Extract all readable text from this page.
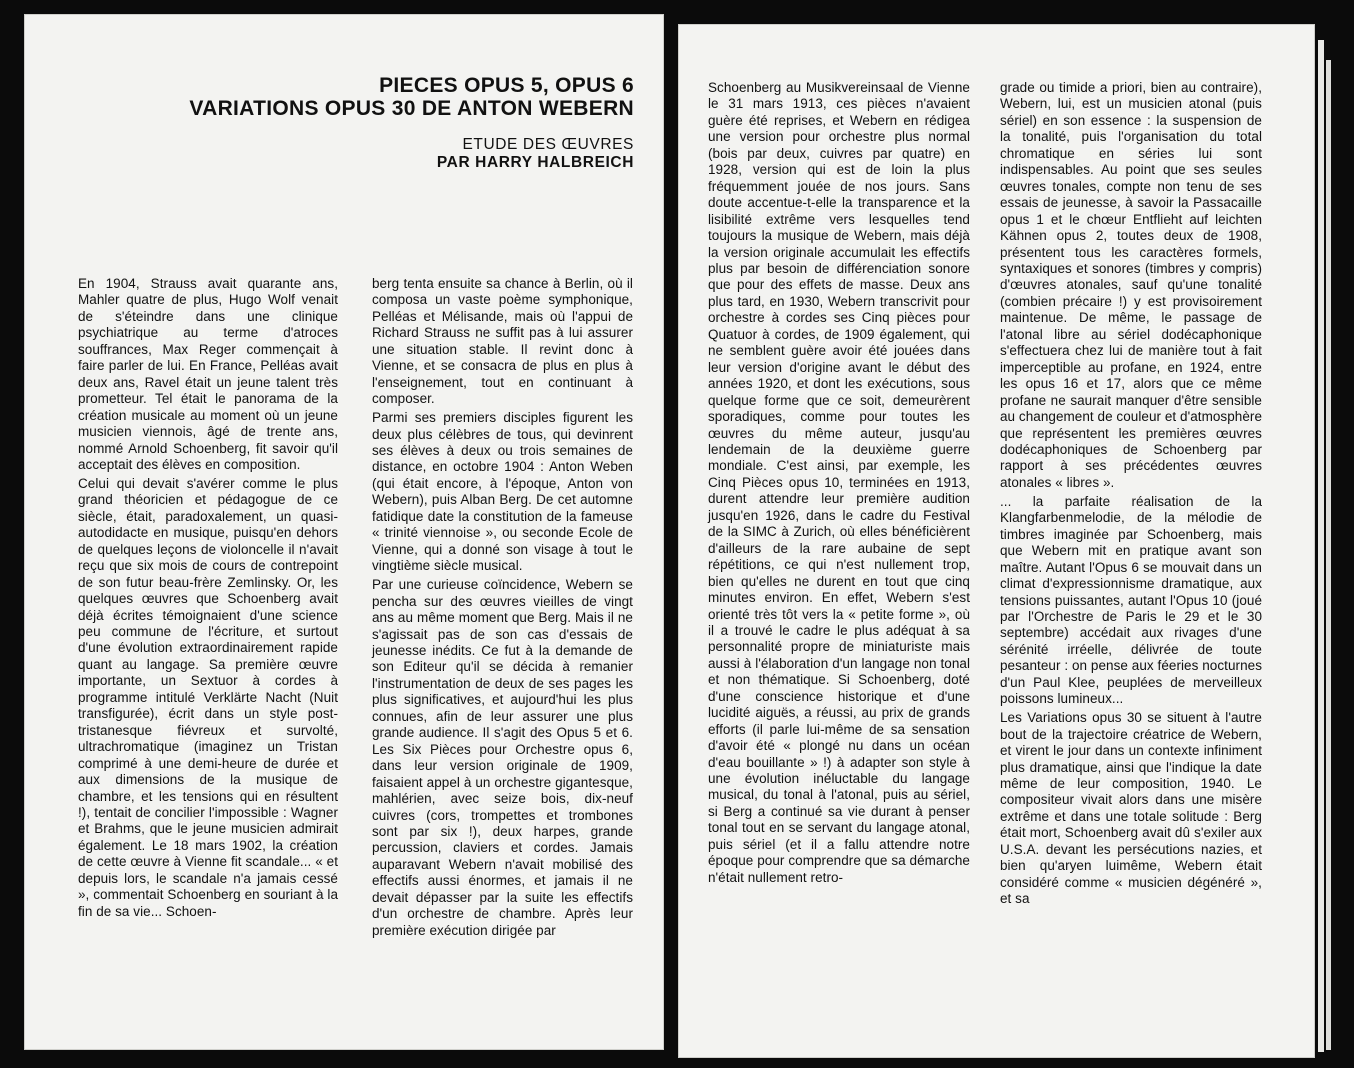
PIECES OPUS 5, OPUS 6
VARIATIONS OPUS 30 DE ANTON WEBERN

ETUDE DES ŒUVRES

PAR HARRY HALBREICH

En 1904, Strauss avait quarante ans, Mahler quatre de plus, Hugo Wolf venait de s'éteindre dans une clinique psychiatrique au terme d'atroces souffrances, Max Reger commençait à faire parler de lui. En France, Pelléas avait deux ans, Ravel était un jeune talent très prometteur. Tel était le panorama de la création musicale au moment où un jeune musicien viennois, âgé de trente ans, nommé Arnold Schoenberg, fit savoir qu'il acceptait des élèves en composition.

Celui qui devait s'avérer comme le plus grand théoricien et pédagogue de ce siècle, était, paradoxalement, un quasi-autodidacte en musique, puisqu'en dehors de quelques leçons de violoncelle il n'avait reçu que six mois de cours de contrepoint de son futur beau-frère Zemlinsky. Or, les quelques œuvres que Schoenberg avait déjà écrites témoignaient d'une science peu commune de l'écriture, et surtout d'une évolution extraordinairement rapide quant au langage. Sa première œuvre importante, un Sextuor à cordes à programme intitulé Verklärte Nacht (Nuit transfigurée), écrit dans un style post-tristanesque fiévreux et survolté, ultrachromatique (imaginez un Tristan comprimé à une demi-heure de durée et aux dimensions de la musique de chambre, et les tensions qui en résultent !), tentait de concilier l'impossible : Wagner et Brahms, que le jeune musicien admirait également. Le 18 mars 1902, la création de cette œuvre à Vienne fit scandale... « et depuis lors, le scandale n'a jamais cessé », commentait Schoenberg en souriant à la fin de sa vie... Schoen-

berg tenta ensuite sa chance à Berlin, où il composa un vaste poème symphonique, Pelléas et Mélisande, mais où l'appui de Richard Strauss ne suffit pas à lui assurer une situation stable. Il revint donc à Vienne, et se consacra de plus en plus à l'enseignement, tout en continuant à composer.

Parmi ses premiers disciples figurent les deux plus célèbres de tous, qui devinrent ses élèves à deux ou trois semaines de distance, en octobre 1904 : Anton Weben (qui était encore, à l'époque, Anton von Webern), puis Alban Berg. De cet automne fatidique date la constitution de la fameuse « trinité viennoise », ou seconde Ecole de Vienne, qui a donné son visage à tout le vingtième siècle musical.

Par une curieuse coïncidence, Webern se pencha sur des œuvres vieilles de vingt ans au même moment que Berg. Mais il ne s'agissait pas de son cas d'essais de jeunesse inédits. Ce fut à la demande de son Editeur qu'il se décida à remanier l'instrumentation de deux de ses pages les plus significatives, et aujourd'hui les plus connues, afin de leur assurer une plus grande audience. Il s'agit des Opus 5 et 6. Les Six Pièces pour Orchestre opus 6, dans leur version originale de 1909, faisaient appel à un orchestre gigantesque, mahlérien, avec seize bois, dix-neuf cuivres (cors, trompettes et trombones sont par six !), deux harpes, grande percussion, claviers et cordes. Jamais auparavant Webern n'avait mobilisé des effectifs aussi énormes, et jamais il ne devait dépasser par la suite les effectifs d'un orchestre de chambre. Après leur première exécution dirigée par

Schoenberg au Musikvereinsaal de Vienne le 31 mars 1913, ces pièces n'avaient guère été reprises, et Webern en rédigea une version pour orchestre plus normal (bois par deux, cuivres par quatre) en 1928, version qui est de loin la plus fréquemment jouée de nos jours. Sans doute accentue-t-elle la transparence et la lisibilité extrême vers lesquelles tend toujours la musique de Webern, mais déjà la version originale accumulait les effectifs plus par besoin de différenciation sonore que pour des effets de masse. Deux ans plus tard, en 1930, Webern transcrivit pour orchestre à cordes ses Cinq pièces pour Quatuor à cordes, de 1909 également, qui ne semblent guère avoir été jouées dans leur version d'origine avant le début des années 1920, et dont les exécutions, sous quelque forme que ce soit, demeurèrent sporadiques, comme pour toutes les œuvres du même auteur, jusqu'au lendemain de la deuxième guerre mondiale. C'est ainsi, par exemple, les Cinq Pièces opus 10, terminées en 1913, durent attendre leur première audition jusqu'en 1926, dans le cadre du Festival de la SIMC à Zurich, où elles bénéficièrent d'ailleurs de la rare aubaine de sept répétitions, ce qui n'est nullement trop, bien qu'elles ne durent en tout que cinq minutes environ. En effet, Webern s'est orienté très tôt vers la « petite forme », où il a trouvé le cadre le plus adéquat à sa personnalité propre de miniaturiste mais aussi à l'élaboration d'un langage non tonal et non thématique. Si Schoenberg, doté d'une conscience historique et d'une lucidité aiguës, a réussi, au prix de grands efforts (il parle lui-même de sa sensation d'avoir été « plongé nu dans un océan d'eau bouillante » !) à adapter son style à une évolution inéluctable du langage musical, du tonal à l'atonal, puis au sériel, si Berg a continué sa vie durant à penser tonal tout en se servant du langage atonal, puis sériel (et il a fallu attendre notre époque pour comprendre que sa démarche n'était nullement retro-

grade ou timide a priori, bien au contraire), Webern, lui, est un musicien atonal (puis sériel) en son essence : la suspension de la tonalité, puis l'organisation du total chromatique en séries lui sont indispensables. Au point que ses seules œuvres tonales, compte non tenu de ses essais de jeunesse, à savoir la Passacaille opus 1 et le chœur Entflieht auf leichten Kähnen opus 2, toutes deux de 1908, présentent tous les caractères formels, syntaxiques et sonores (timbres y compris) d'œuvres atonales, sauf qu'une tonalité (combien précaire !) y est provisoirement maintenue. De même, le passage de l'atonal libre au sériel dodécaphonique s'effectuera chez lui de manière tout à fait imperceptible au profane, en 1924, entre les opus 16 et 17, alors que ce même profane ne saurait manquer d'être sensible au changement de couleur et d'atmosphère que représentent les premières œuvres dodécaphoniques de Schoenberg par rapport à ses précédentes œuvres atonales « libres ».

... la parfaite réalisation de la Klangfarbenmelodie, de la mélodie de timbres imaginée par Schoenberg, mais que Webern mit en pratique avant son maître. Autant l'Opus 6 se mouvait dans un climat d'expressionnisme dramatique, aux tensions puissantes, autant l'Opus 10 (joué par l'Orchestre de Paris le 29 et le 30 septembre) accédait aux rivages d'une sérénité irréelle, délivrée de toute pesanteur : on pense aux féeries nocturnes d'un Paul Klee, peuplées de merveilleux poissons lumineux...

Les Variations opus 30 se situent à l'autre bout de la trajectoire créatrice de Webern, et virent le jour dans un contexte infiniment plus dramatique, ainsi que l'indique la date même de leur composition, 1940. Le compositeur vivait alors dans une misère extrême et dans une totale solitude : Berg était mort, Schoenberg avait dû s'exiler aux U.S.A. devant les persécutions nazies, et bien qu'aryen luimême, Webern était considéré comme « musicien dégénéré », et sa
